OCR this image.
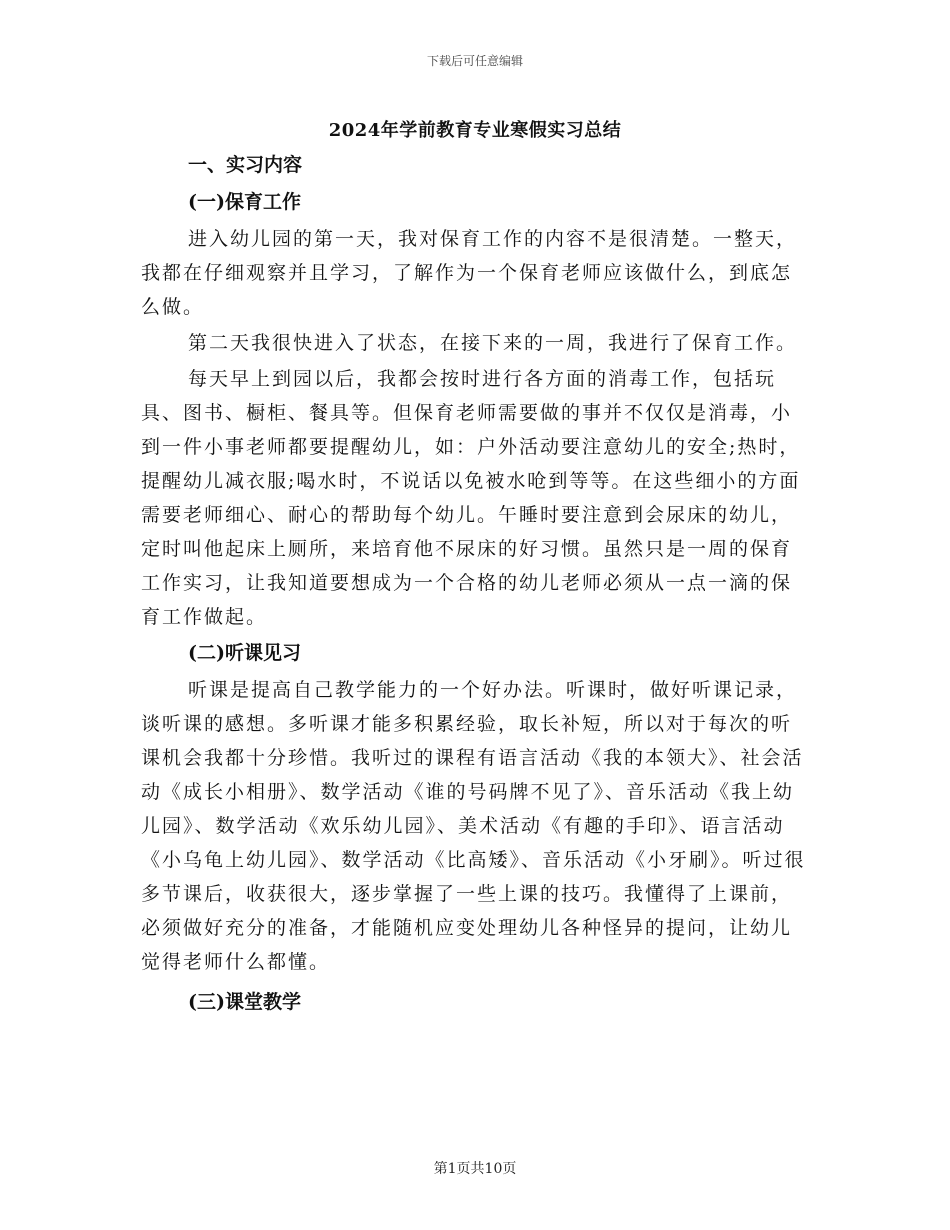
下载后可任意编辑
2024年学前教育专业寒假实习总结

一、实习内容

(一)保育工作

进入幼儿园的第一天，我对保育工作的内容不是很清楚。一整天，我都在仔细观察并且学习，了解作为一个保育老师应该做什么，到底怎么做。

第二天我很快进入了状态，在接下来的一周，我进行了保育工作。

每天早上到园以后，我都会按时进行各方面的消毒工作，包括玩具、图书、橱柜、餐具等。但保育老师需要做的事并不仅仅是消毒，小到一件小事老师都要提醒幼儿，如：户外活动要注意幼儿的安全;热时，提醒幼儿减衣服;喝水时，不说话以免被水呛到等等。在这些细小的方面需要老师细心、耐心的帮助每个幼儿。午睡时要注意到会尿床的幼儿，定时叫他起床上厕所，来培育他不尿床的好习惯。虽然只是一周的保育工作实习，让我知道要想成为一个合格的幼儿老师必须从一点一滴的保育工作做起。

(二)听课见习

听课是提高自己教学能力的一个好办法。听课时，做好听课记录，谈听课的感想。多听课才能多积累经验，取长补短，所以对于每次的听课机会我都十分珍惜。我听过的课程有语言活动《我的本领大》、社会活动《成长小相册》、数学活动《谁的号码牌不见了》、音乐活动《我上幼儿园》、数学活动《欢乐幼儿园》、美术活动《有趣的手印》、语言活动《小乌龟上幼儿园》、数学活动《比高矮》、音乐活动《小牙刷》。听过很多节课后，收获很大，逐步掌握了一些上课的技巧。我懂得了上课前，必须做好充分的准备，才能随机应变处理幼儿各种怪异的提问，让幼儿觉得老师什么都懂。

(三)课堂教学

第1页共10页
